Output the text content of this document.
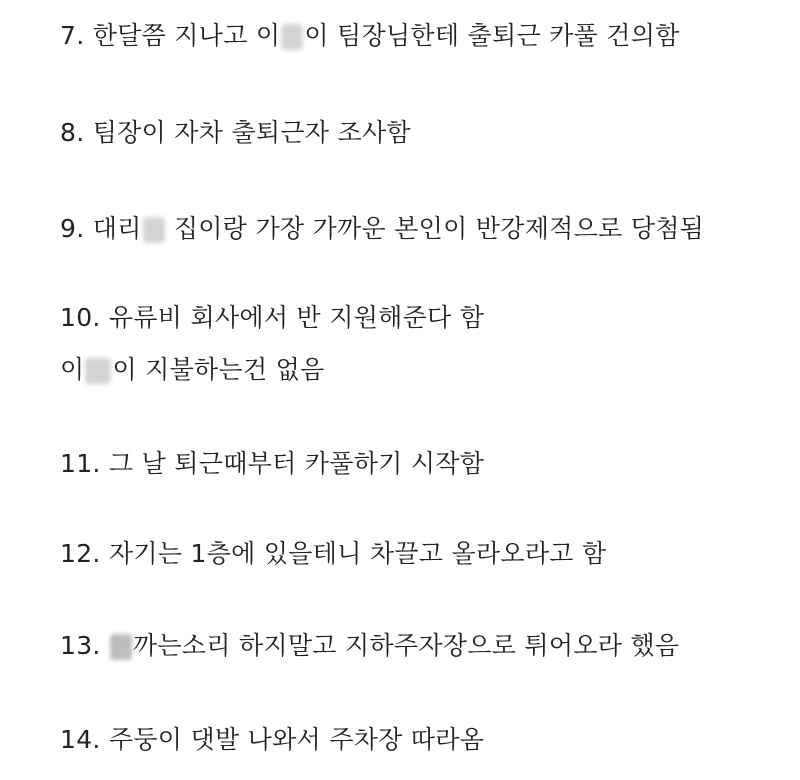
7. 한달쯤 지나고 이 이 팀장님한테 출퇴근 카풀 건의함
8. 팀장이 자차 출퇴근자 조사함
9. 대리 집이랑 가장 가까운 본인이 반강제적으로 당첨됨
10. 유류비 회사에서 반 지원해준다 함
이 이 지불하는건 없음
11. 그 날 퇴근때부터 카풀하기 시작함
12. 자기는 1층에 있을테니 차끌고 올라오라고 함
13. 까는소리 하지말고 지하주자장으로 튀어오라 했음
14. 주둥이 댓발 나와서 주차장 따라옴
